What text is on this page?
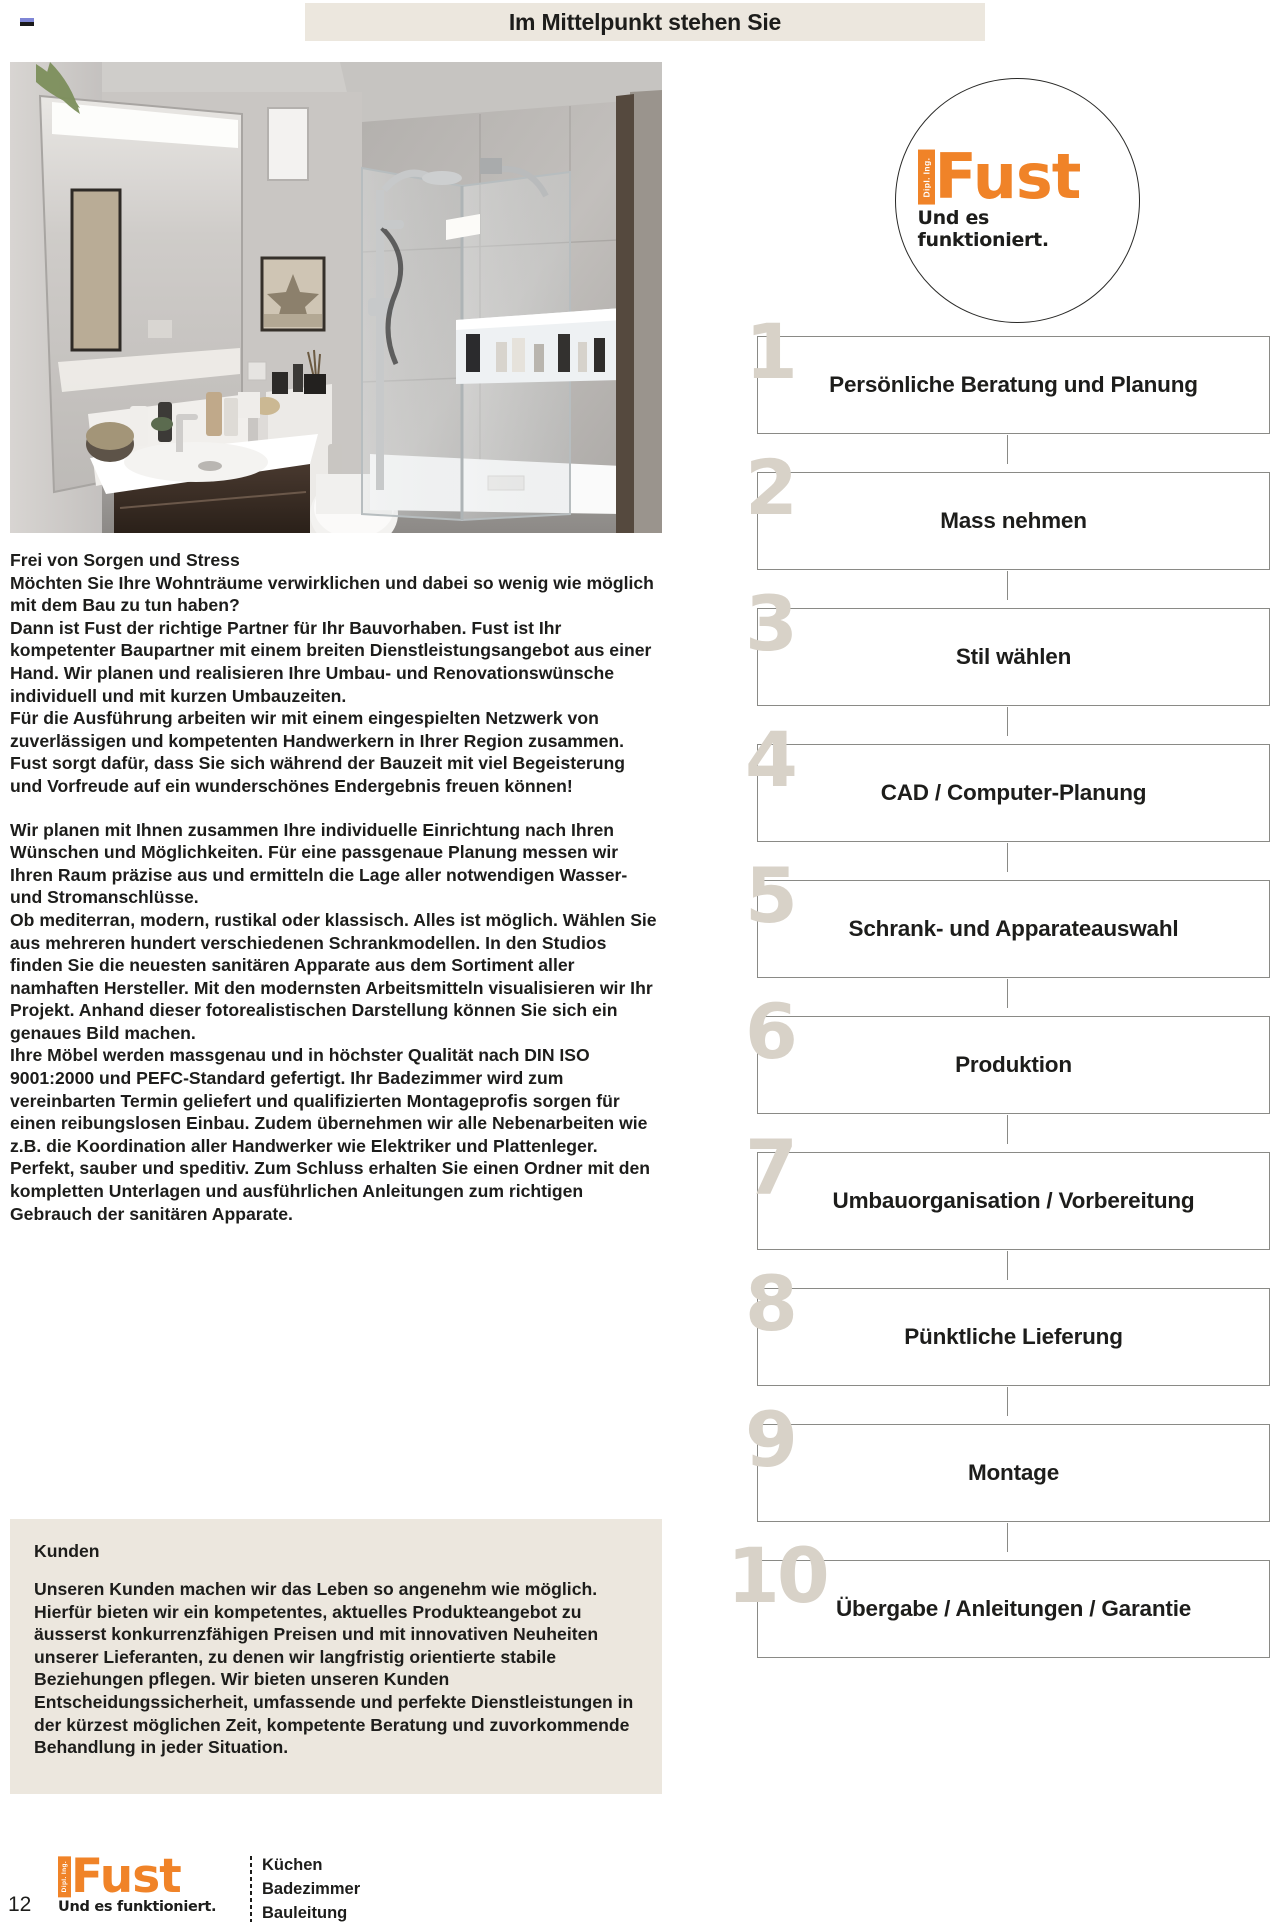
Im Mittelpunkt stehen Sie
Frei von Sorgen und Stress

Möchten Sie Ihre Wohnträume verwirklichen und dabei so wenig wie möglich mit dem Bau zu tun haben?

Dann ist Fust der richtige Partner für Ihr Bauvorhaben. Fust ist Ihr kompetenter Baupartner mit einem breiten Dienstleistungsangebot aus einer Hand. Wir planen und realisieren Ihre Umbau- und Renovationswünsche individuell und mit kurzen Umbauzeiten.

Für die Ausführung arbeiten wir mit einem eingespielten Netzwerk von zuverlässigen und kompetenten Handwerkern in Ihrer Region zusammen. Fust sorgt dafür, dass Sie sich während der Bauzeit mit viel Begeisterung und Vorfreude auf ein wunderschönes Endergebnis freuen können!

Wir planen mit Ihnen zusammen Ihre individuelle Einrichtung nach Ihren Wünschen und Möglichkeiten. Für eine passgenaue Planung messen wir Ihren Raum präzise aus und ermitteln die Lage aller notwendigen Wasser- und Stromanschlüsse.

Ob mediterran, modern, rustikal oder klassisch. Alles ist möglich. Wählen Sie aus mehreren hundert verschiedenen Schrankmodellen. In den Studios finden Sie die neuesten sanitären Apparate aus dem Sortiment aller namhaften Hersteller. Mit den modernsten Arbeitsmitteln visualisieren wir Ihr Projekt. Anhand dieser fotorealistischen Darstellung können Sie sich ein genaues Bild machen.

Ihre Möbel werden massgenau und in höchster Qualität nach DIN ISO 9001:2000 und PEFC-Standard gefertigt. Ihr Badezimmer wird zum vereinbarten Termin geliefert und qualifizierten Montageprofis sorgen für einen reibungslosen Einbau. Zudem übernehmen wir alle Nebenarbeiten wie z.B. die Koordination aller Handwerker wie Elektriker und Plattenleger. Perfekt, sauber und speditiv. Zum Schluss erhalten Sie einen Ordner mit den kompletten Unterlagen und ausführlichen Anleitungen zum richtigen Gebrauch der sanitären Apparate.

Kunden
Unseren Kunden machen wir das Leben so angenehm wie möglich. Hierfür bieten wir ein kompetentes, aktuelles Produkteangebot zu äusserst konkurrenzfähigen Preisen und mit innovativen Neuheiten unserer Lieferanten, zu denen wir langfristig orientierte stabile Beziehungen pflegen. Wir bieten unseren Kunden Entscheidungssicherheit, umfassende und perfekte Dienstleistungen in der kürzest möglichen Zeit, kompetente Beratung und zuvorkommende Behandlung in jeder Situation.
Dipl. Ing. Fust
Und es funktioniert.
1	Persönliche Beratung und Planung
2	Mass nehmen
3	Stil wählen
4	CAD / Computer-Planung
5	Schrank- und Apparateauswahl
6	Produktion
7	Umbauorganisation / Vorbereitung
8	Pünktliche Lieferung
9	Montage
10 Übergabe / Anleitungen / Garantie
12
Dipl. Ing. Fust
Und es funktioniert.
Küchen
Badezimmer
Bauleitung
